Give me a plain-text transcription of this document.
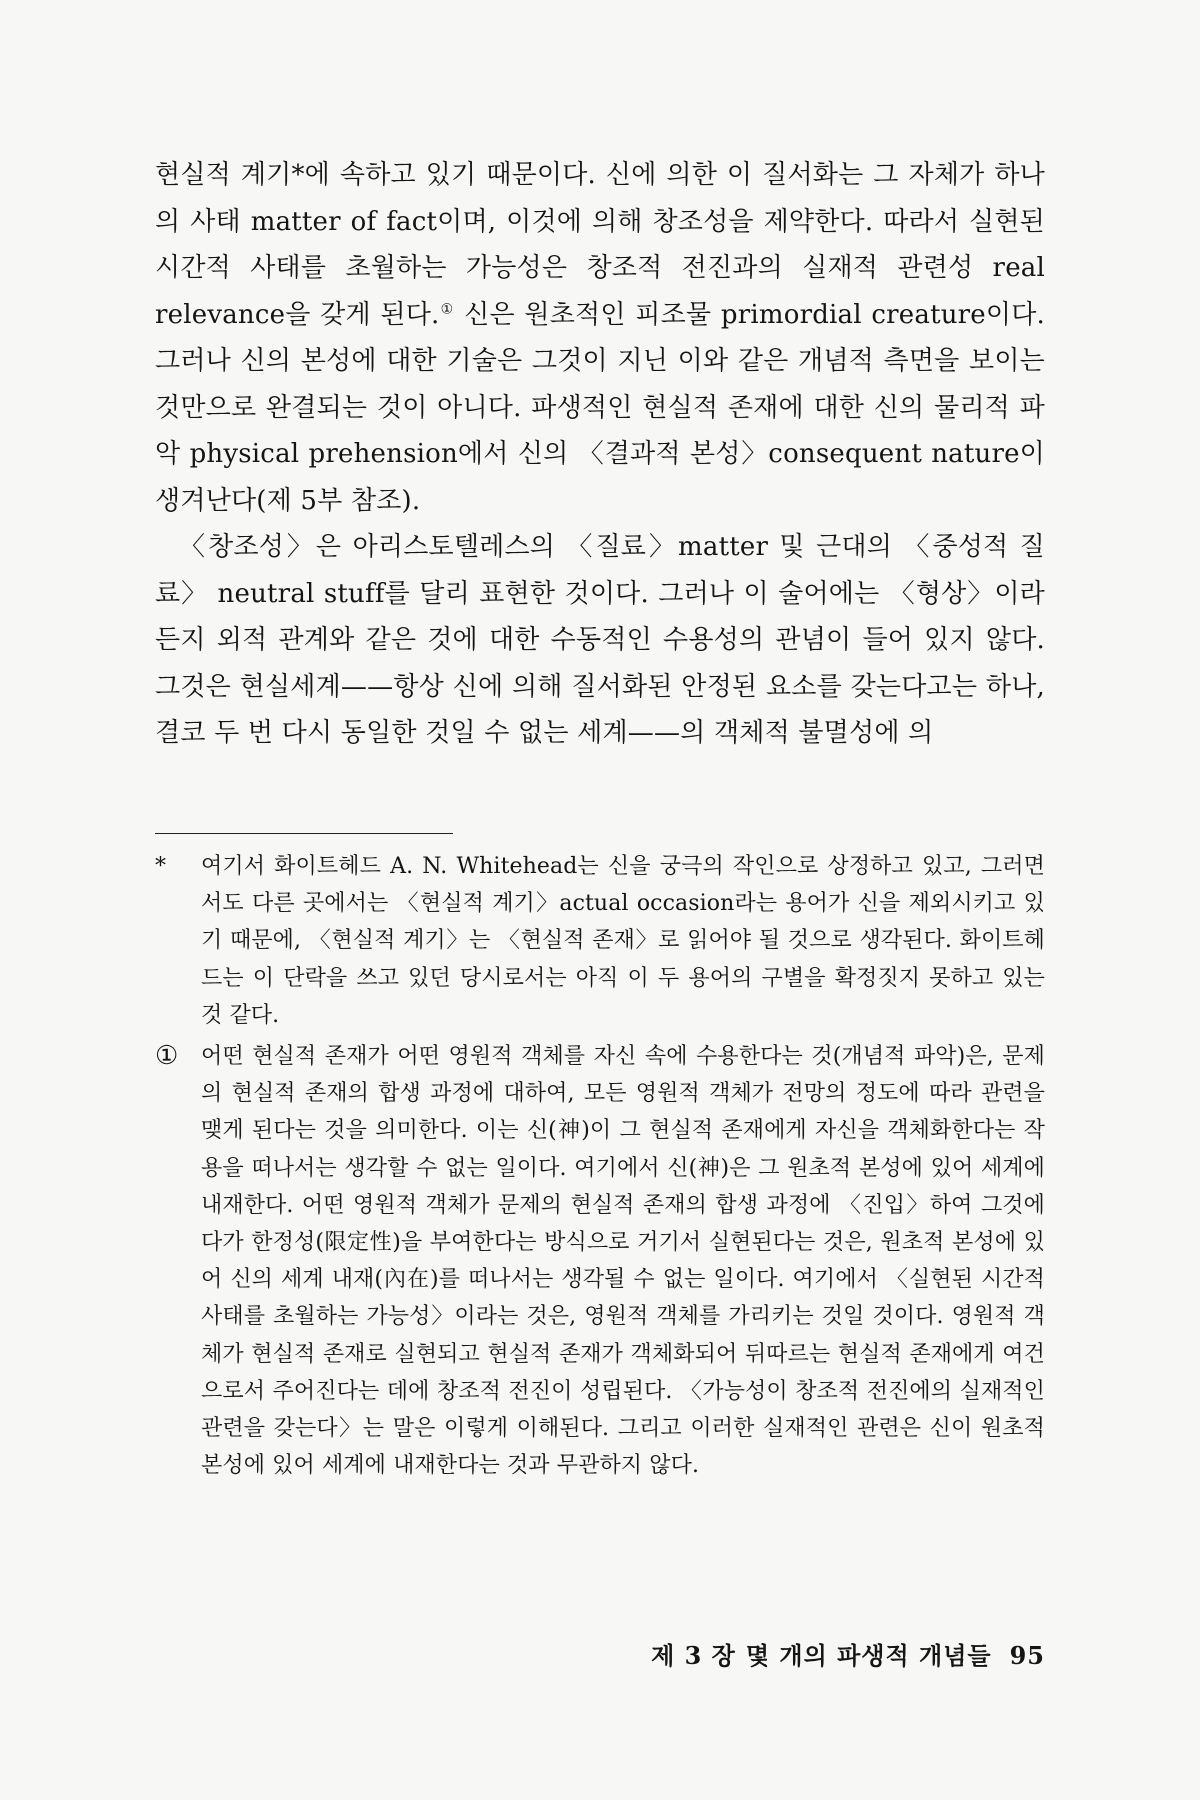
현실적 계기*에 속하고 있기 때문이다. 신에 의한 이 질서화는 그 자체가 하나의 사태 matter of fact이며, 이것에 의해 창조성을 제약한다. 따라서 실현된 시간적 사태를 초월하는 가능성은 창조적 전진과의 실재적 관련성 real relevance을 갖게 된다.① 신은 원초적인 피조물 primordial creature이다. 그러나 신의 본성에 대한 기술은 그것이 지닌 이와 같은 개념적 측면을 보이는 것만으로 완결되는 것이 아니다. 파생적인 현실적 존재에 대한 신의 물리적 파악 physical prehension에서 신의 〈결과적 본성〉consequent nature이 생겨난다(제 5부 참조).

〈창조성〉은 아리스토텔레스의 〈질료〉matter 및 근대의 〈중성적 질료〉 neutral stuff를 달리 표현한 것이다. 그러나 이 술어에는 〈형상〉이라든지 외적 관계와 같은 것에 대한 수동적인 수용성의 관념이 들어 있지 않다. 그것은 현실세계——항상 신에 의해 질서화된 안정된 요소를 갖는다고는 하나, 결코 두 번 다시 동일한 것일 수 없는 세계——의 객체적 불멸성에 의

*	여기서 화이트헤드 A. N. Whitehead는 신을 궁극의 작인으로 상정하고 있고, 그러면서도 다른 곳에서는 〈현실적 계기〉actual occasion라는 용어가 신을 제외시키고 있기 때문에, 〈현실적 계기〉는 〈현실적 존재〉로 읽어야 될 것으로 생각된다. 화이트헤드는 이 단락을 쓰고 있던 당시로서는 아직 이 두 용어의 구별을 확정짓지 못하고 있는 것 같다.
①	어떤 현실적 존재가 어떤 영원적 객체를 자신 속에 수용한다는 것(개념적 파악)은, 문제의 현실적 존재의 합생 과정에 대하여, 모든 영원적 객체가 전망의 정도에 따라 관련을 맺게 된다는 것을 의미한다. 이는 신(神)이 그 현실적 존재에게 자신을 객체화한다는 작용을 떠나서는 생각할 수 없는 일이다. 여기에서 신(神)은 그 원초적 본성에 있어 세계에 내재한다. 어떤 영원적 객체가 문제의 현실적 존재의 합생 과정에 〈진입〉하여 그것에다가 한정성(限定性)을 부여한다는 방식으로 거기서 실현된다는 것은, 원초적 본성에 있어 신의 세계 내재(內在)를 떠나서는 생각될 수 없는 일이다. 여기에서 〈실현된 시간적 사태를 초월하는 가능성〉이라는 것은, 영원적 객체를 가리키는 것일 것이다. 영원적 객체가 현실적 존재로 실현되고 현실적 존재가 객체화되어 뒤따르는 현실적 존재에게 여건으로서 주어진다는 데에 창조적 전진이 성립된다. 〈가능성이 창조적 전진에의 실재적인 관련을 갖는다〉는 말은 이렇게 이해된다. 그리고 이러한 실재적인 관련은 신이 원초적 본성에 있어 세계에 내재한다는 것과 무관하지 않다.
제 3 장 몇 개의 파생적 개념들 95
